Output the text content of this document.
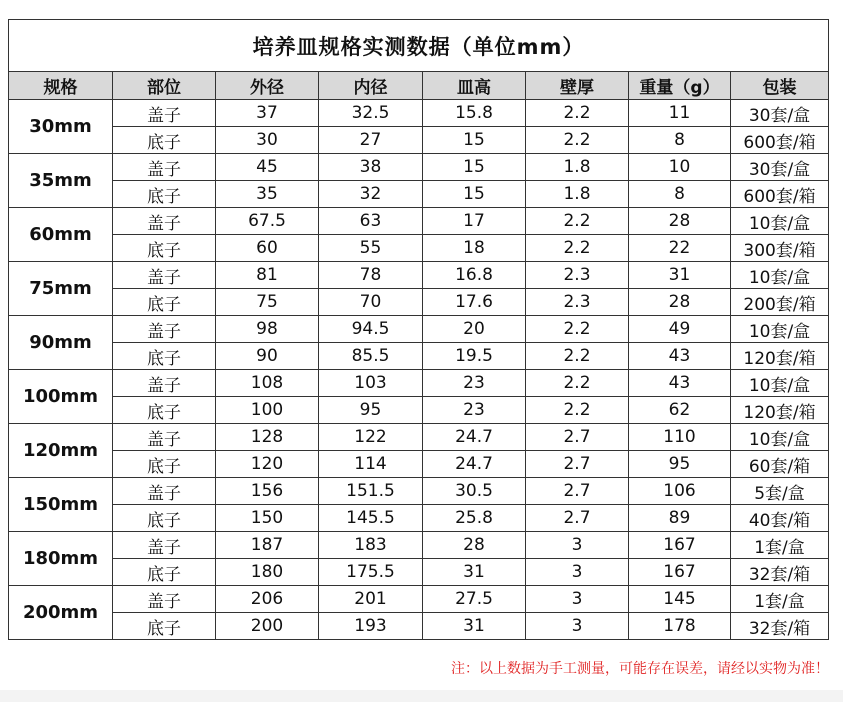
培养皿规格实测数据（单位mm）							
规格	部位	外径	内径	皿高	壁厚	重量（g）	包装
30mm	盖子	37	32.5	15.8	2.2	11	30套/盒
	底子	30	27	15	2.2	8	600套/箱
35mm	盖子	45	38	15	1.8	10	30套/盒
	底子	35	32	15	1.8	8	600套/箱
60mm	盖子	67.5	63	17	2.2	28	10套/盒
	底子	60	55	18	2.2	22	300套/箱
75mm	盖子	81	78	16.8	2.3	31	10套/盒
	底子	75	70	17.6	2.3	28	200套/箱
90mm	盖子	98	94.5	20	2.2	49	10套/盒
	底子	90	85.5	19.5	2.2	43	120套/箱
100mm	盖子	108	103	23	2.2	43	10套/盒
	底子	100	95	23	2.2	62	120套/箱
120mm	盖子	128	122	24.7	2.7	110	10套/盒
	底子	120	114	24.7	2.7	95	60套/箱
150mm	盖子	156	151.5	30.5	2.7	106	5套/盒
	底子	150	145.5	25.8	2.7	89	40套/箱
180mm	盖子	187	183	28	3	167	1套/盒
	底子	180	175.5	31	3	167	32套/箱
200mm	盖子	206	201	27.5	3	145	1套/盒
	底子	200	193	31	3	178	32套/箱
注：以上数据为手工测量，可能存在误差，请经以实物为准！
